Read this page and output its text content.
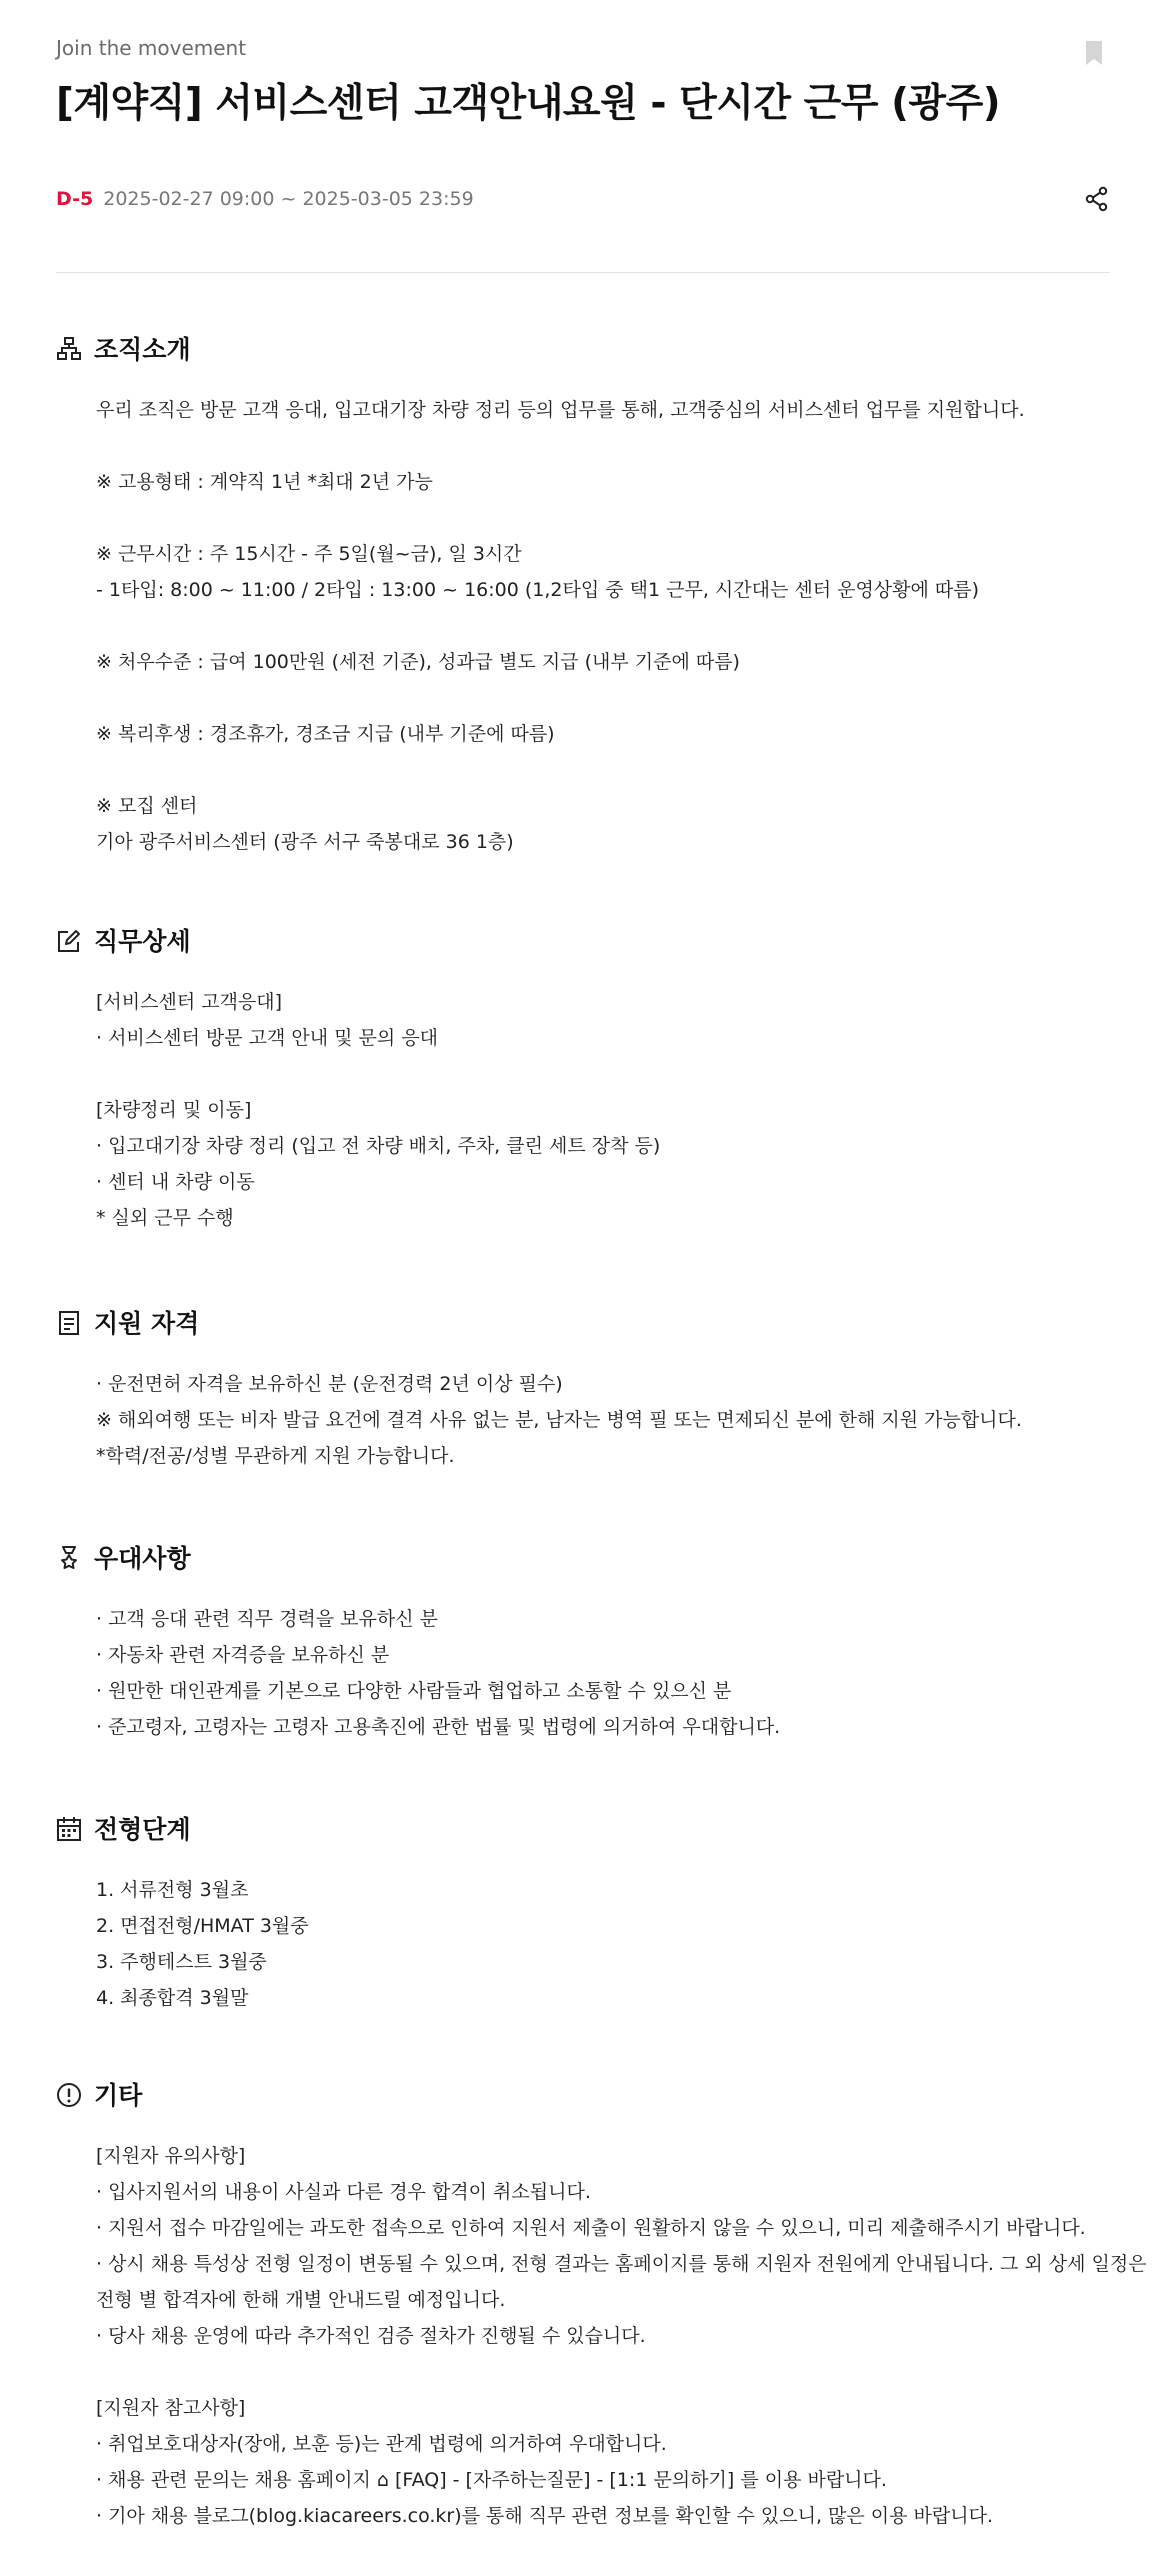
Join the movement
[계약직] 서비스센터 고객안내요원 - 단시간 근무 (광주)
D-5 2025-02-27 09:00 ~ 2025-03-05 23:59
조직소개
우리 조직은 방문 고객 응대, 입고대기장 차량 정리 등의 업무를 통해, 고객중심의 서비스센터 업무를 지원합니다.
※ 고용형태 : 계약직 1년 *최대 2년 가능
※ 근무시간 : 주 15시간 - 주 5일(월~금), 일 3시간
- 1타입: 8:00 ~ 11:00 / 2타입 : 13:00 ~ 16:00 (1,2타입 중 택1 근무, 시간대는 센터 운영상황에 따름)
※ 처우수준 : 급여 100만원 (세전 기준), 성과급 별도 지급 (내부 기준에 따름)
※ 복리후생 : 경조휴가, 경조금 지급 (내부 기준에 따름)
※ 모집 센터
기아 광주서비스센터 (광주 서구 죽봉대로 36 1층)
직무상세
[서비스센터 고객응대]
· 서비스센터 방문 고객 안내 및 문의 응대
[차량정리 및 이동]
· 입고대기장 차량 정리 (입고 전 차량 배치, 주차, 클린 세트 장착 등)
· 센터 내 차량 이동
* 실외 근무 수행
지원 자격
· 운전면허 자격을 보유하신 분 (운전경력 2년 이상 필수)
※ 해외여행 또는 비자 발급 요건에 결격 사유 없는 분, 남자는 병역 필 또는 면제되신 분에 한해 지원 가능합니다.
*학력/전공/성별 무관하게 지원 가능합니다.
우대사항
· 고객 응대 관련 직무 경력을 보유하신 분
· 자동차 관련 자격증을 보유하신 분
· 원만한 대인관계를 기본으로 다양한 사람들과 협업하고 소통할 수 있으신 분
· 준고령자, 고령자는 고령자 고용촉진에 관한 법률 및 법령에 의거하여 우대합니다.
전형단계
1. 서류전형 3월초
2. 면접전형/HMAT 3월중
3. 주행테스트 3월중
4. 최종합격 3월말
기타
[지원자 유의사항]
· 입사지원서의 내용이 사실과 다른 경우 합격이 취소됩니다.
· 지원서 접수 마감일에는 과도한 접속으로 인하여 지원서 제출이 원활하지 않을 수 있으니, 미리 제출해주시기 바랍니다.
· 상시 채용 특성상 전형 일정이 변동될 수 있으며, 전형 결과는 홈페이지를 통해 지원자 전원에게 안내됩니다. 그 외 상세 일정은
전형 별 합격자에 한해 개별 안내드릴 예정입니다.
· 당사 채용 운영에 따라 추가적인 검증 절차가 진행될 수 있습니다.
[지원자 참고사항]
· 취업보호대상자(장애, 보훈 등)는 관계 법령에 의거하여 우대합니다.
· 채용 관련 문의는 채용 홈페이지 ⌂ [FAQ] - [자주하는질문] - [1:1 문의하기] 를 이용 바랍니다.
· 기아 채용 블로그(blog.kiacareers.co.kr)를 통해 직무 관련 정보를 확인할 수 있으니, 많은 이용 바랍니다.
